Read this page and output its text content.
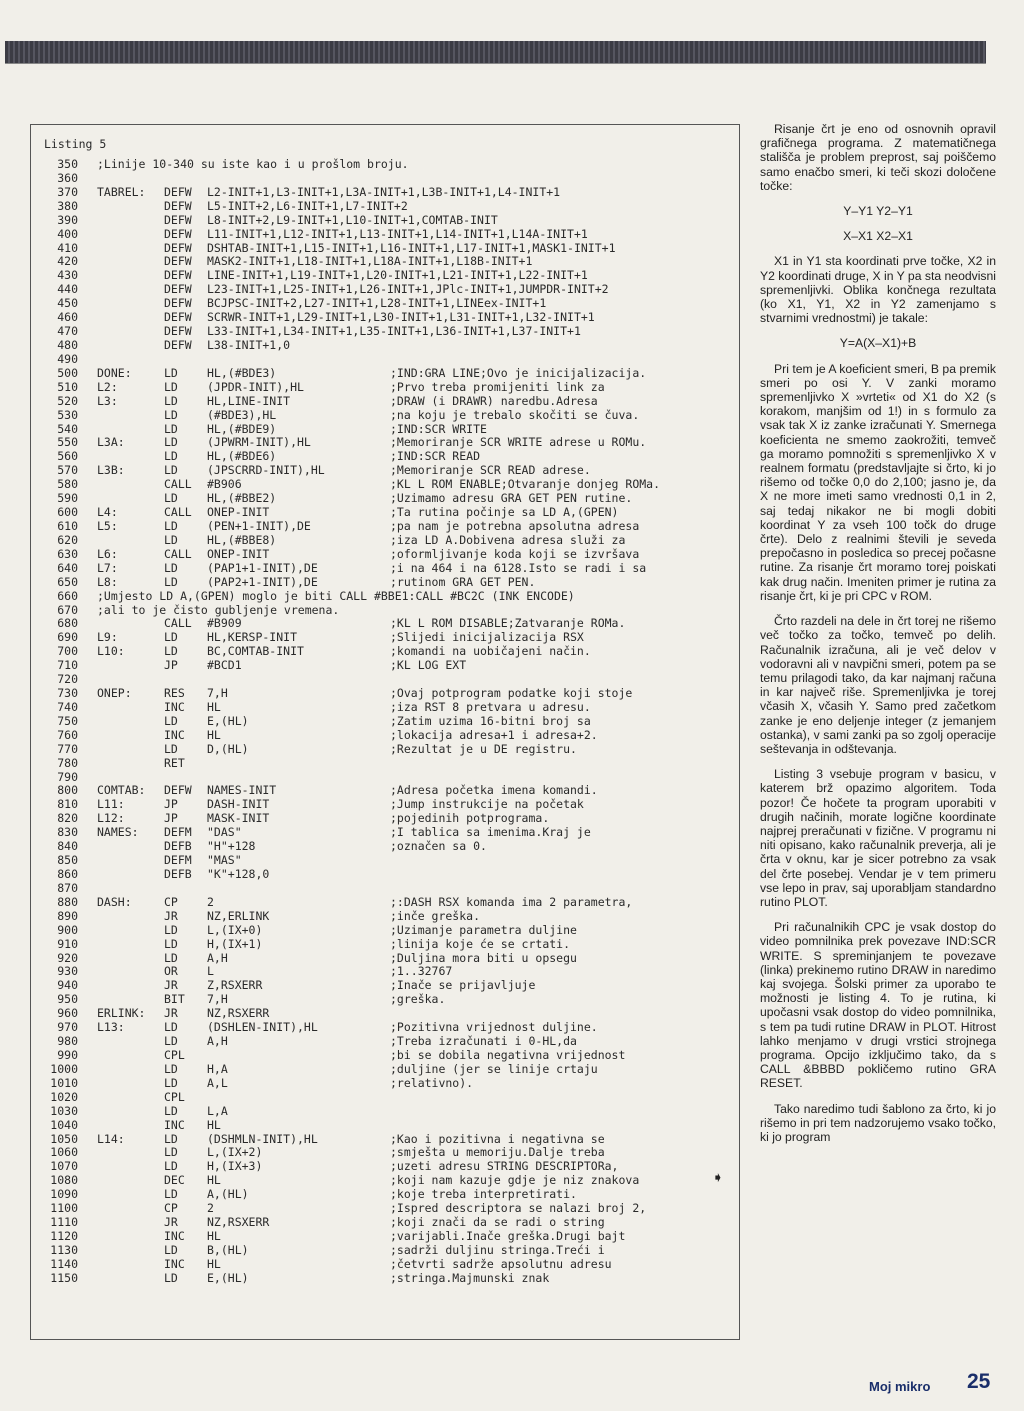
Listing 5
350 ;Linije 10-340 su iste kao i u prošlom broju.
360
370 TABREL: DEFW L2-INIT+1,L3-INIT+1,L3A-INIT+1,L3B-INIT+1,L4-INIT+1
380	DEFW L5-INIT+2,L6-INIT+1,L7-INIT+2
390	DEFW L8-INIT+2,L9-INIT+1,L10-INIT+1,COMTAB-INIT
400	DEFW L11-INIT+1,L12-INIT+1,L13-INIT+1,L14-INIT+1,L14A-INIT+1
410	DEFW DSHTAB-INIT+1,L15-INIT+1,L16-INIT+1,L17-INIT+1,MASK1-INIT+1
420	DEFW MASK2-INIT+1,L18-INIT+1,L18A-INIT+1,L18B-INIT+1
430	DEFW LINE-INIT+1,L19-INIT+1,L20-INIT+1,L21-INIT+1,L22-INIT+1
440	DEFW L23-INIT+1,L25-INIT+1,L26-INIT+1,JPlc-INIT+1,JUMPDR-INIT+2
450	DEFW BCJPSC-INIT+2,L27-INIT+1,L28-INIT+1,LINEex-INIT+1
460	DEFW SCRWR-INIT+1,L29-INIT+1,L30-INIT+1,L31-INIT+1,L32-INIT+1
470	DEFW L33-INIT+1,L34-INIT+1,L35-INIT+1,L36-INIT+1,L37-INIT+1
480	DEFW L38-INIT+1,0
490
500 DONE:	LD	HL,(#BDE3)	;IND:GRA LINE;Ovo je inicijalizacija.
510 L2:	LD	(JPDR-INIT),HL	;Prvo treba promijeniti link za
520 L3:	LD	HL,LINE-INIT	;DRAW (i DRAWR) naredbu.Adresa
530	LD	(#BDE3),HL	;na koju je trebalo skočiti se čuva.
540	LD	HL,(#BDE9)	;IND:SCR WRITE
550 L3A:	LD	(JPWRM-INIT),HL	;Memoriranje SCR WRITE adrese u ROMu.
560	LD	HL,(#BDE6)	;IND:SCR READ
570 L3B:	LD	(JPSCRRD-INIT),HL	;Memoriranje SCR READ adrese.
580	CALL #B906	;KL L ROM ENABLE;Otvaranje donjeg ROMa.
590	LD	HL,(#BBE2)	;Uzimamo adresu GRA GET PEN rutine.
600 L4:	CALL ONEP-INIT	;Ta rutina počinje sa LD A,(GPEN)
610 L5:	LD	(PEN+1-INIT),DE	;pa nam je potrebna apsolutna adresa
620	LD	HL,(#BBE8)	;iza LD A.Dobivena adresa služi za
630 L6:	CALL ONEP-INIT	;oformljivanje koda koji se izvršava
640 L7:	LD	(PAP1+1-INIT),DE	;i na 464 i na 6128.Isto se radi i sa
650 L8:	LD	(PAP2+1-INIT),DE	;rutinom GRA GET PEN.
660 ;Umjesto LD A,(GPEN) moglo je biti CALL #BBE1:CALL #BC2C (INK ENCODE)
670 ;ali to je čisto gubljenje vremena.
680	CALL #B909	;KL L ROM DISABLE;Zatvaranje ROMa.
690 L9:	LD	HL,KERSP-INIT	;Slijedi inicijalizacija RSX
700 L10:	LD	BC,COMTAB-INIT	;komandi na uobičajeni način.
710	JP	#BCD1	;KL LOG EXT
720
730 ONEP:	RES 7,H	;Ovaj potprogram podatke koji stoje
740	INC HL	;iza RST 8 pretvara u adresu.
750	LD	E,(HL)	;Zatim uzima 16-bitni broj sa
760	INC HL	;lokacija adresa+1 i adresa+2.
770	LD	D,(HL)	;Rezultat je u DE registru.
780	RET
790
800 COMTAB: DEFW NAMES-INIT	;Adresa početka imena komandi.
810 L11:	JP	DASH-INIT	;Jump instrukcije na početak
820 L12:	JP	MASK-INIT	;pojedinih potprograma.
830 NAMES: DEFM "DAS"	;I tablica sa imenima.Kraj je
840	DEFB "H"+128	;označen sa 0.
850	DEFM "MAS"
860	DEFB "K"+128,0
870
880 DASH:	CP	2	;:DASH RSX komanda ima 2 parametra,
890	JR	NZ,ERLINK	;inče greška.
900	LD	L,(IX+0)	;Uzimanje parametra duljine
910	LD	H,(IX+1)	;linija koje će se crtati.
920	LD	A,H	;Duljina mora biti u opsegu
930	OR	L	;1..32767
940	JR	Z,RSXERR	;Inače se prijavljuje
950	BIT 7,H	;greška.
960 ERLINK: JR	NZ,RSXERR
970 L13:	LD	(DSHLEN-INIT),HL	;Pozitivna vrijednost duljine.
980	LD	A,H	;Treba izračunati i 0-HL,da
990	CPL	;bi se dobila negativna vrijednost
1000	LD	H,A	;duljine (jer se linije crtaju
1010	LD	A,L	;relativno).
1020	CPL
1030	LD	L,A
1040	INC HL
1050 L14:	LD	(DSHMLN-INIT),HL	;Kao i pozitivna i negativna se
1060	LD	L,(IX+2)	;smještа u memoriju.Dalje treba
1070	LD	H,(IX+3)	;uzeti adresu STRING DESCRIPTORa,
1080	DEC HL	;koji nam kazuje gdje je niz znakova
1090	LD	A,(HL)	;koje treba interpretirati.
1100	CP	2	;Ispred descriptora se nalazi broj 2,
1110	JR	NZ,RSXERR	;koji znači da se radi o string
1120	INC HL	;varijabli.Inače greška.Drugi bajt
1130	LD	B,(HL)	;sadrži duljinu stringa.Treći i
1140	INC HL	;četvrti sadrže apsolutnu adresu
1150	LD	E,(HL)	;stringa.Majmunski znak
➧

Risanje črt je eno od osnovnih opravil grafičnega programa. Z matematičnega stališča je problem preprost, saj poiščemo samo enačbo smeri, ki teči skozi določene točke:

Y–Y1 Y2–Y1

X–X1 X2–X1

X1 in Y1 sta koordinati prve točke, X2 in Y2 koordinati druge, X in Y pa sta neodvisni spremenljivki. Oblika končnega rezultata (ko X1, Y1, X2 in Y2 zamenjamo s stvarnimi vrednostmi) je takale:

Y=A(X–X1)+B

Pri tem je A koeficient smeri, B pa premik smeri po osi Y. V zanki moramo spremenljivko X »vrteti« od X1 do X2 (s korakom, manjšim od 1!) in s formulo za vsak tak X iz zanke izračunati Y. Smernega koeficienta ne smemo zaokrožiti, temveč ga moramo pomnožiti s spremenljivko X v realnem formatu (predstavljajte si črto, ki jo rišemo od točke 0,0 do 2,100; jasno je, da X ne more imeti samo vrednosti 0,1 in 2, saj tedaj nikakor ne bi mogli dobiti koordinat Y za vseh 100 točk do druge črte). Delo z realnimi števili je seveda prepočasno in posledica so precej počasne rutine. Za risanje črt moramo torej poiskati kak drug način. Imeniten primer je rutina za risanje črt, ki je pri CPC v ROM.

Črto razdeli na dele in črt torej ne rišemo več točko za točko, temveč po delih. Računalnik izračuna, ali je več delov v vodoravni ali v navpični smeri, potem pa se temu prilagodi tako, da kar najmanj računa in kar največ riše. Spremenljivka je torej včasih X, včasih Y. Samo pred začetkom zanke je eno deljenje integer (z jemanjem ostanka), v sami zanki pa so zgolj operacije seštevanja in odštevanja.

Listing 3 vsebuje program v basicu, v katerem brž opazimo algoritem. Toda pozor! Če hočete ta program uporabiti v drugih načinih, morate logične koordinate najprej preračunati v fizične. V programu ni niti opisano, kako računalnik preverja, ali je črta v oknu, kar je sicer potrebno za vsak del črte posebej. Vendar je v tem primeru vse lepo in prav, saj uporabljam standardno rutino PLOT.

Pri računalnikih CPC je vsak dostop do video pomnilnika prek povezave IND:SCR WRITE. S spreminjanjem te povezave (linka) prekinemo rutino DRAW in naredimo kaj svojega. Šolski primer za uporabo te možnosti je listing 4. To je rutina, ki upočasni vsak dostop do video pomnilnika, s tem pa tudi rutine DRAW in PLOT. Hitrost lahko menjamo v drugi vrstici strojnega programa. Opcijo izključimo tako, da s CALL &BBBD pokličemo rutino GRA RESET.

Tako naredimo tudi šablono za črto, ki jo rišemo in pri tem nadzorujemo vsako točko, ki jo program

Moj mikro 25
